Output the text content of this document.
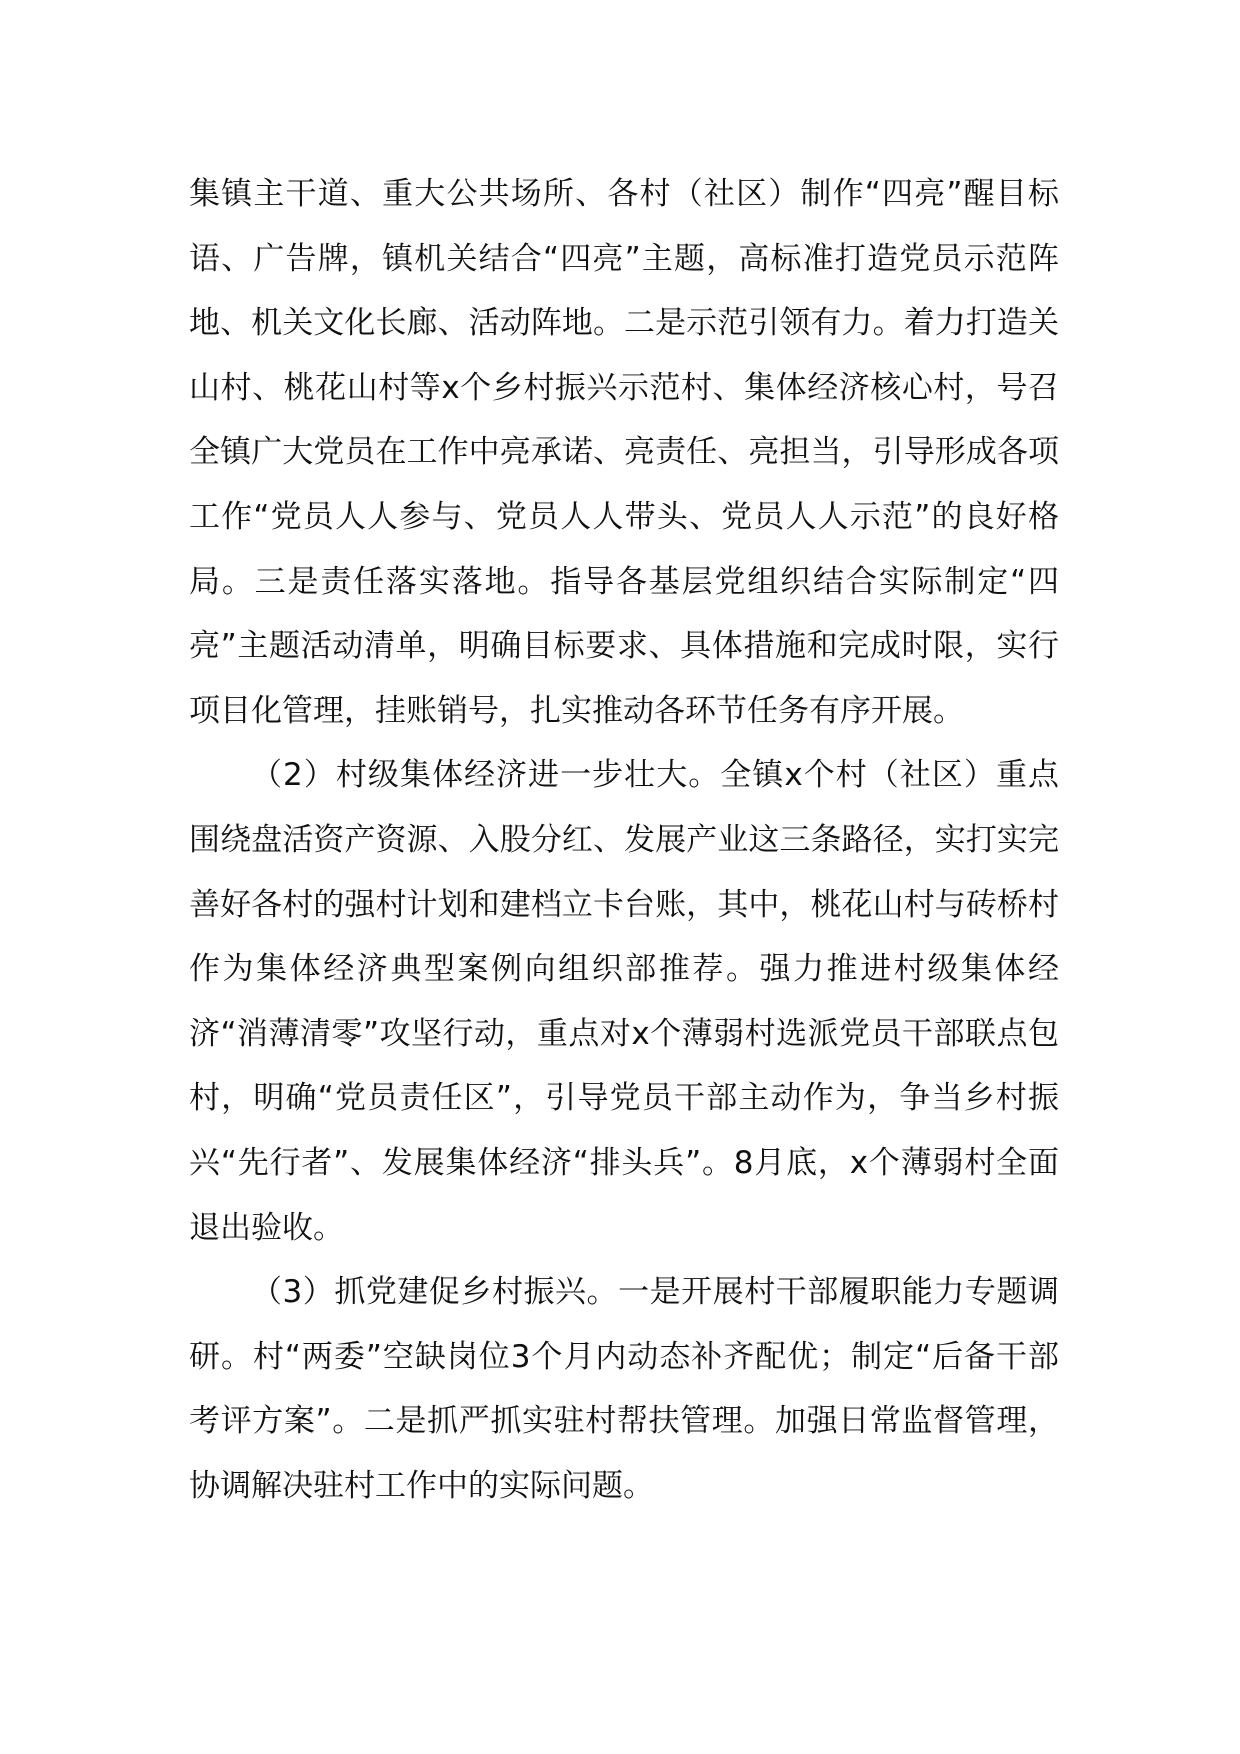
集镇主干道、重大公共场所、各村（社区）制作“四亮”醒目标语、广告牌，镇机关结合“四亮”主题，高标准打造党员示范阵地、机关文化长廊、活动阵地。二是示范引领有力。着力打造关山村、桃花山村等x个乡村振兴示范村、集体经济核心村，号召全镇广大党员在工作中亮承诺、亮责任、亮担当，引导形成各项工作“党员人人参与、党员人人带头、党员人人示范”的良好格局。三是责任落实落地。指导各基层党组织结合实际制定“四亮”主题活动清单，明确目标要求、具体措施和完成时限，实行项目化管理，挂账销号，扎实推动各环节任务有序开展。

（2）村级集体经济进一步壮大。全镇x个村（社区）重点围绕盘活资产资源、入股分红、发展产业这三条路径，实打实完善好各村的强村计划和建档立卡台账，其中，桃花山村与砖桥村作为集体经济典型案例向组织部推荐。强力推进村级集体经济“消薄清零”攻坚行动，重点对x个薄弱村选派党员干部联点包村，明确“党员责任区”，引导党员干部主动作为，争当乡村振兴“先行者”、发展集体经济“排头兵”。8月底，x个薄弱村全面退出验收。

（3）抓党建促乡村振兴。一是开展村干部履职能力专题调研。村“两委”空缺岗位3个月内动态补齐配优；制定“后备干部考评方案”。二是抓严抓实驻村帮扶管理。加强日常监督管理，协调解决驻村工作中的实际问题。
